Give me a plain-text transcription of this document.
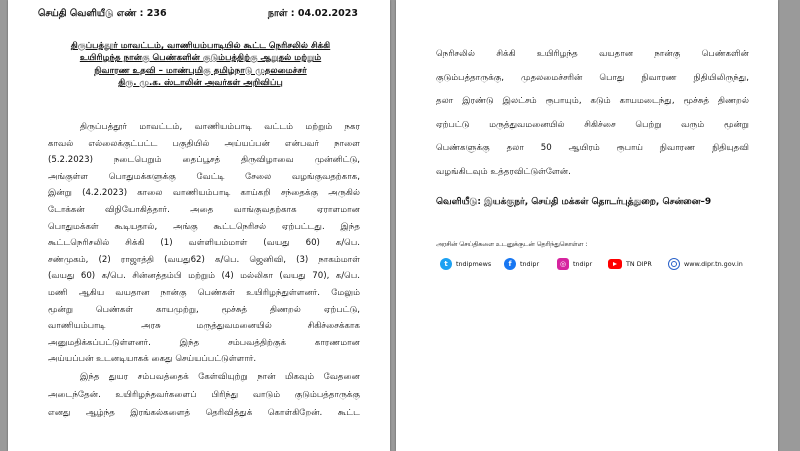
செய்தி வெளியீடு எண் : 236	நாள் : 04.02.2023
திருப்பத்தூர் மாவட்டம், வாணியம்பாடியில் கூட்ட நெரிசலில் சிக்கி
உயிரிழந்த நான்கு பெண்களின் குடும்பத்திற்கு ஆறுதல் மற்றும்
நிவாரண உதவி – மாண்புமிகு தமிழ்நாடு முதலமைச்சர்
திரு. மு.க. ஸ்டாலின் அவர்கள் அறிவிப்பு
திருப்பத்தூர் மாவட்டம், வாணியம்பாடி வட்டம் மற்றும் நகர
காவல் எல்லைக்குட்பட்ட பகுதியில் அய்யப்பன் என்பவர் நாளை
(5.2.2023) நடைபெறும் தைப்பூசத் திருவிழாவை முன்னிட்டு,
அங்குள்ள பொதுமக்களுக்கு வேட்டி சேலை வழங்குவதற்காக,
இன்று (4.2.2023) காலை வாணியம்பாடி காய்கறி சந்தைக்கு அருகில்
டோக்கன் விநியோகித்தார். அதை வாங்குவதற்காக ஏராளமான
பொதுமக்கள் கூடியதால், அங்கு கூட்டநெரிசல் ஏற்பட்டது. இந்த
கூட்டநெரிசலில் சிக்கி (1) வள்ளியம்மாள் (வயது 60) க/பெ.
சண்முகம், (2) ராஜாத்தி (வயது62) க/பெ. ஜெனிவி, (3) நாகம்மாள்
(வயது 60) க/பெ. சின்னத்தம்பி மற்றும் (4) மல்லிகா (வயது 70), க/பெ.
மணி ஆகிய வயதான நான்கு பெண்கள் உயிரிழந்துள்ளனர். மேலும்
மூன்று பெண்கள் காயமுற்று, மூச்சுத் திணறல் ஏற்பட்டு,
வாணியம்பாடி அரசு மருத்துவமனையில் சிகிச்சைக்காக
அனுமதிக்கப்பட்டுள்ளனர். இந்த சம்பவத்திற்குக் காரணமான
அய்யப்பன் உடனடியாகக் கைது செய்யப்பட்டுள்ளார்.
இந்த துயர சம்பவத்தைக் கேள்வியுற்று நான் மிகவும் வேதனை
அடைந்தேன். உயிரிழந்தவர்களைப் பிரிந்து வாடும் குடும்பத்தாருக்கு
எனது ஆழ்ந்த இரங்கல்களைத் தெரிவித்துக் கொள்கிறேன். கூட்ட
நெரிசலில் சிக்கி உயிரிழந்த வயதான நான்கு பெண்களின்
குடும்பத்தாருக்கு, முதலமைச்சரின் பொது நிவாரண நிதியிலிருந்து,
தலா இரண்டு இலட்சம் ரூபாயும், கடும் காயமடைந்து, மூச்சுத் திணறல்
ஏற்பட்டு மருத்துவமனையில் சிகிச்சை பெற்று வரும் மூன்று
பெண்களுக்கு தலா 50 ஆயிரம் ரூபாய் நிவாரண நிதியுதவி
வழங்கிடவும் உத்தரவிட்டுள்ளேன்.
வெளியீடு: இயக்குநர், செய்தி மக்கள் தொடர்புத்துறை, சென்னை–9
அரசின் செய்திகளை உடனுக்குடன் தெரிந்துகொள்ள :
t	tndipmews	f	tndipr	◎	tndipr	TN DIPR	www.dipr.tn.gov.in
